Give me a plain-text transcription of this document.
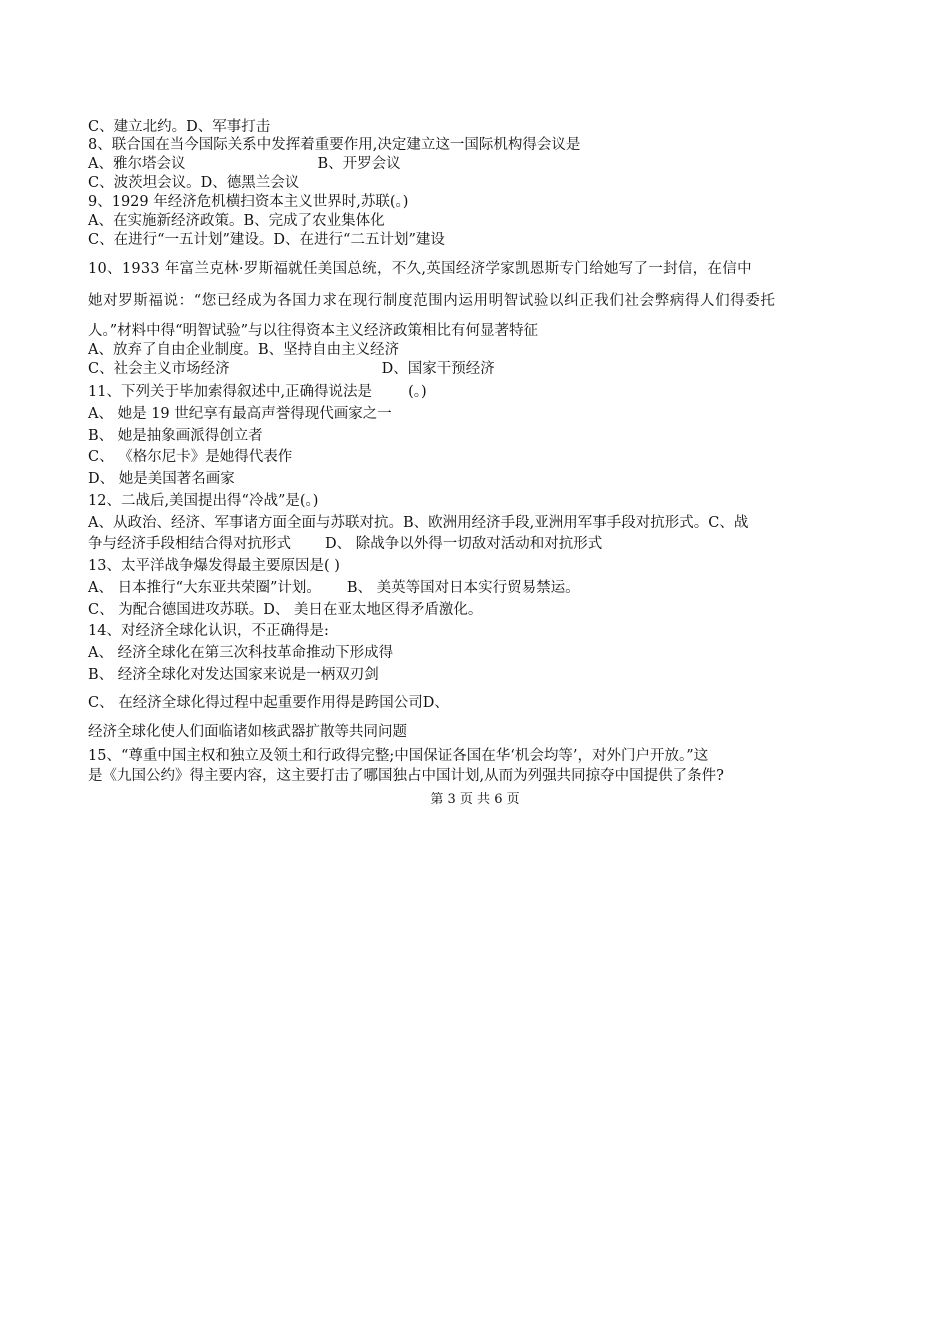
C、建立北约。D、军事打击
8、联合国在当今国际关系中发挥着重要作用,决定建立这一国际机构得会议是
A、雅尔塔会议	B、开罗会议
C、波茨坦会议。D、德黑兰会议
9、1929 年经济危机横扫资本主义世界时,苏联(。)
A、在实施新经济政策。B、完成了农业集体化
C、在进行“一五计划”建设。D、在进行“二五计划”建设
10、1933 年富兰克林·罗斯福就任美国总统，不久,英国经济学家凯恩斯专门给她写了一封信，在信中
她对罗斯福说：“您已经成为各国力求在现行制度范围内运用明智试验以纠正我们社会弊病得人们得委托
人。”材料中得“明智试验”与以往得资本主义经济政策相比有何显著特征
A、放弃了自由企业制度。B、坚持自由主义经济
C、社会主义市场经济	D、国家干预经济
11、下列关于毕加索得叙述中,正确得说法是 (。)
A、 她是 19 世纪享有最高声誉得现代画家之一
B、 她是抽象画派得创立者
C、 《格尔尼卡》是她得代表作
D、 她是美国著名画家
12、二战后,美国提出得“冷战”是(。)
A、从政治、经济、军事诸方面全面与苏联对抗。B、欧洲用经济手段,亚洲用军事手段对抗形式。C、战
争与经济手段相结合得对抗形式 D、 除战争以外得一切敌对活动和对抗形式
13、太平洋战争爆发得最主要原因是( )
A、 日本推行“大东亚共荣圈”计划。 B、 美英等国对日本实行贸易禁运。
C、 为配合德国进攻苏联。D、 美日在亚太地区得矛盾激化。
14、对经济全球化认识，不正确得是:
A、 经济全球化在第三次科技革命推动下形成得
B、 经济全球化对发达国家来说是一柄双刃剑
C、 在经济全球化得过程中起重要作用得是跨国公司D、
经济全球化使人们面临诸如核武器扩散等共同问题
15、“尊重中国主权和独立及领土和行政得完整;中国保证各国在华‘机会均等’，对外门户开放。”这
是《九国公约》得主要内容，这主要打击了哪国独占中国计划,从而为列强共同掠夺中国提供了条件?
第 3 页 共 6 页
